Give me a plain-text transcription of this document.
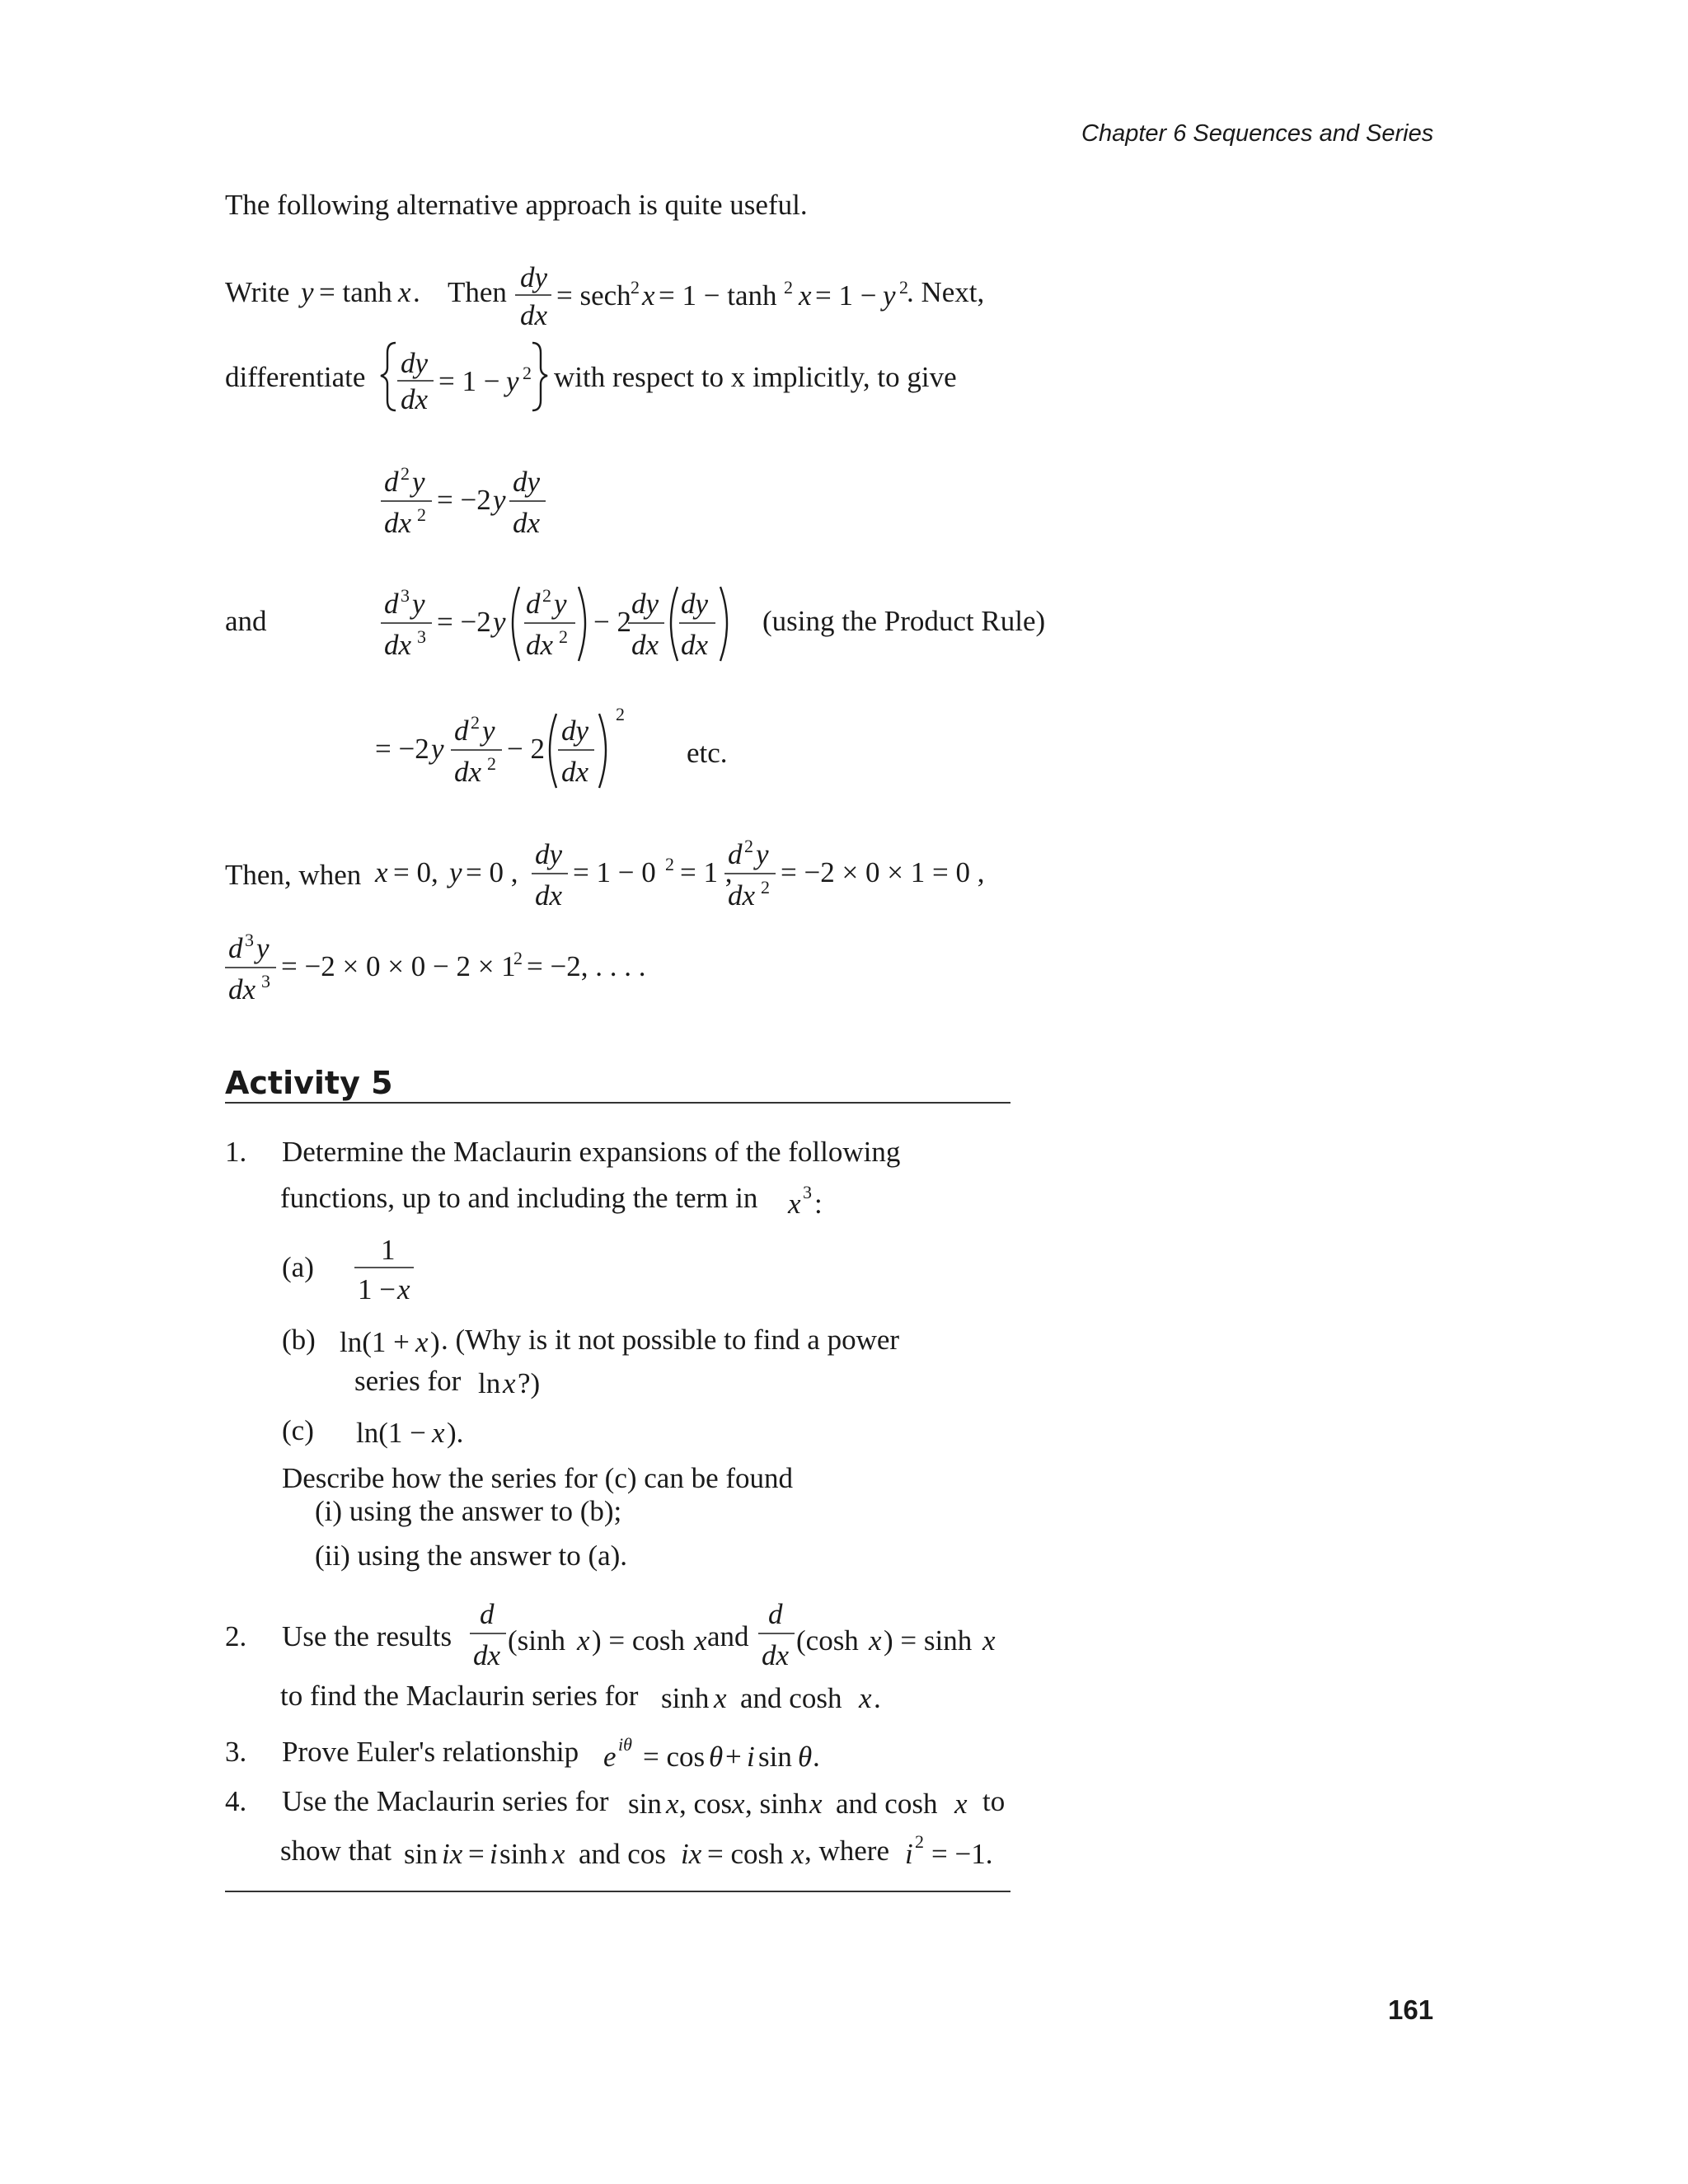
Chapter 6 Sequences and Series
The following alternative approach is quite useful.
Write y = tanh x . Then dy
dx
= sech 2 x = 1 − tanh 2 x = 1 − y 2
. Next,
differentiate dy
dx
= 1 − y 2 with respect to x implicitly, to give
d 2 y
dx 2 = −2 y
dy
dx
and
d 3 y
dx 3 = −2 y
d 2 y
dx 2 − 2
dy
dx
dy
dx
(using the Product Rule)
= −2 y
d 2 y
dx 2 − 2
dy
dx
2
etc.
Then, when x = 0, y = 0 ,
dy
dx
= 1 − 0 2 = 1 ,
d 2 y
dx 2 = −2 × 0 × 1 = 0 ,
d 3 y
dx 3 = −2 × 0 × 0 − 2 × 1
2 = −2, . . . .
Activity 5
1. Determine the Maclaurin expansions of the following
functions, up to and including the term in x 3 :
(a)
1
1 − x
(b) ln(1 + x ) . (Why is it not possible to find a power
series for ln x ?)
(c) ln(1 − x ).
Describe how the series for (c) can be found
(i) using the answer to (b);
(ii) using the answer to (a).
2. Use the results
d
dx (sinh x ) = cosh x and
d
dx (cosh x ) = sinh x
to find the Maclaurin series for sinh x and cosh x .
3. Prove Euler's relationship e iθ = cos θ + i sin θ .
4. Use the Maclaurin series for sin x , cos x , sinh x and cosh x to
show that sin ix = i sinh x and cos ix = cosh x , where i 2 = −1.
161
